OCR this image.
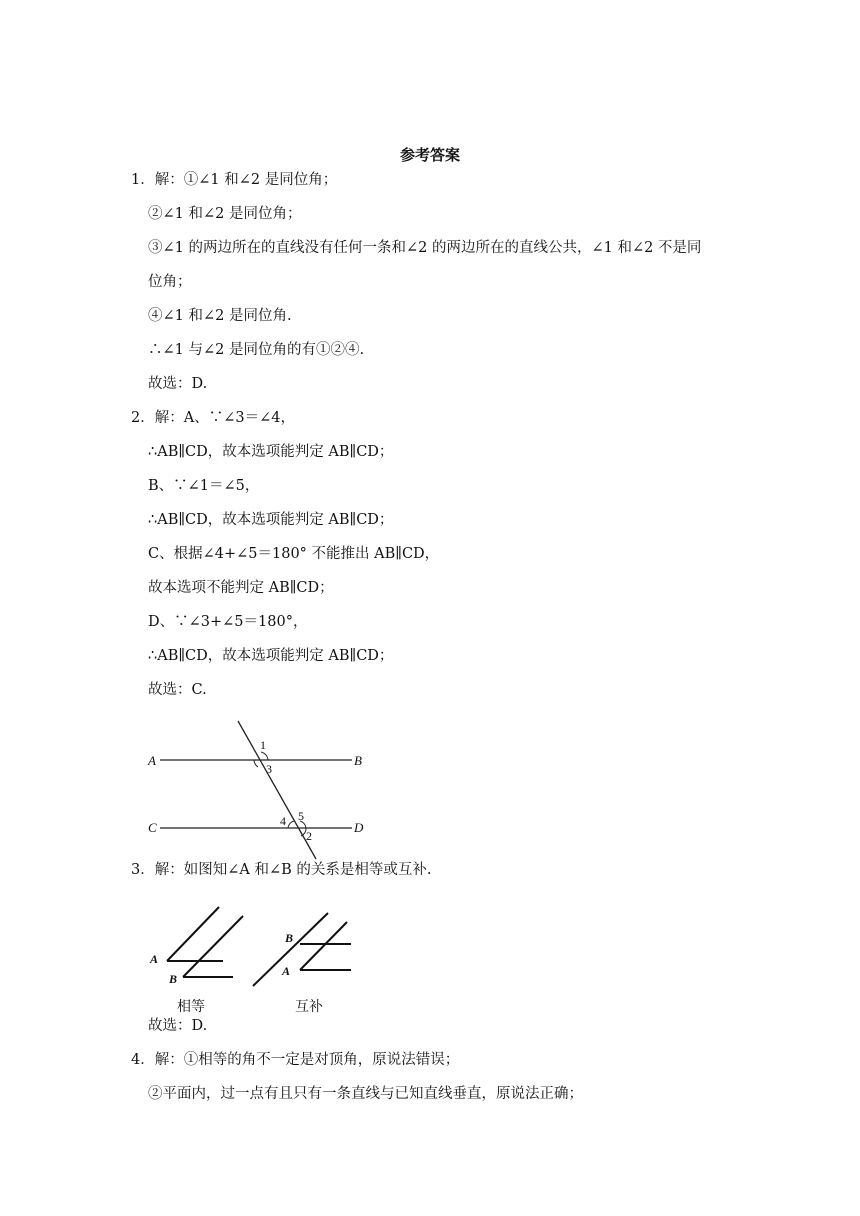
参考答案
1．解：①∠1 和∠2 是同位角；
②∠1 和∠2 是同位角；
③∠1 的两边所在的直线没有任何一条和∠2 的两边所在的直线公共，∠1 和∠2 不是同
位角；
④∠1 和∠2 是同位角.
∴∠1 与∠2 是同位角的有①②④.
故选：D.
2．解：A、∵∠3＝∠4，
∴AB∥CD，故本选项能判定 AB∥CD；
B、∵∠1＝∠5，
∴AB∥CD，故本选项能判定 AB∥CD；
C、根据∠4+∠5＝180° 不能推出 AB∥CD，
故本选项不能判定 AB∥CD；
D、∵∠3+∠5＝180°，
∴AB∥CD，故本选项能判定 AB∥CD；
故选：C.
3．解：如图知∠A 和∠B 的关系是相等或互补.
故选：D.
4．解：①相等的角不一定是对顶角，原说法错误；
②平面内，过一点有且只有一条直线与已知直线垂直，原说法正确；
A	B
C	D
1
3
4 5
2
A
B
B
A
相等	互补
